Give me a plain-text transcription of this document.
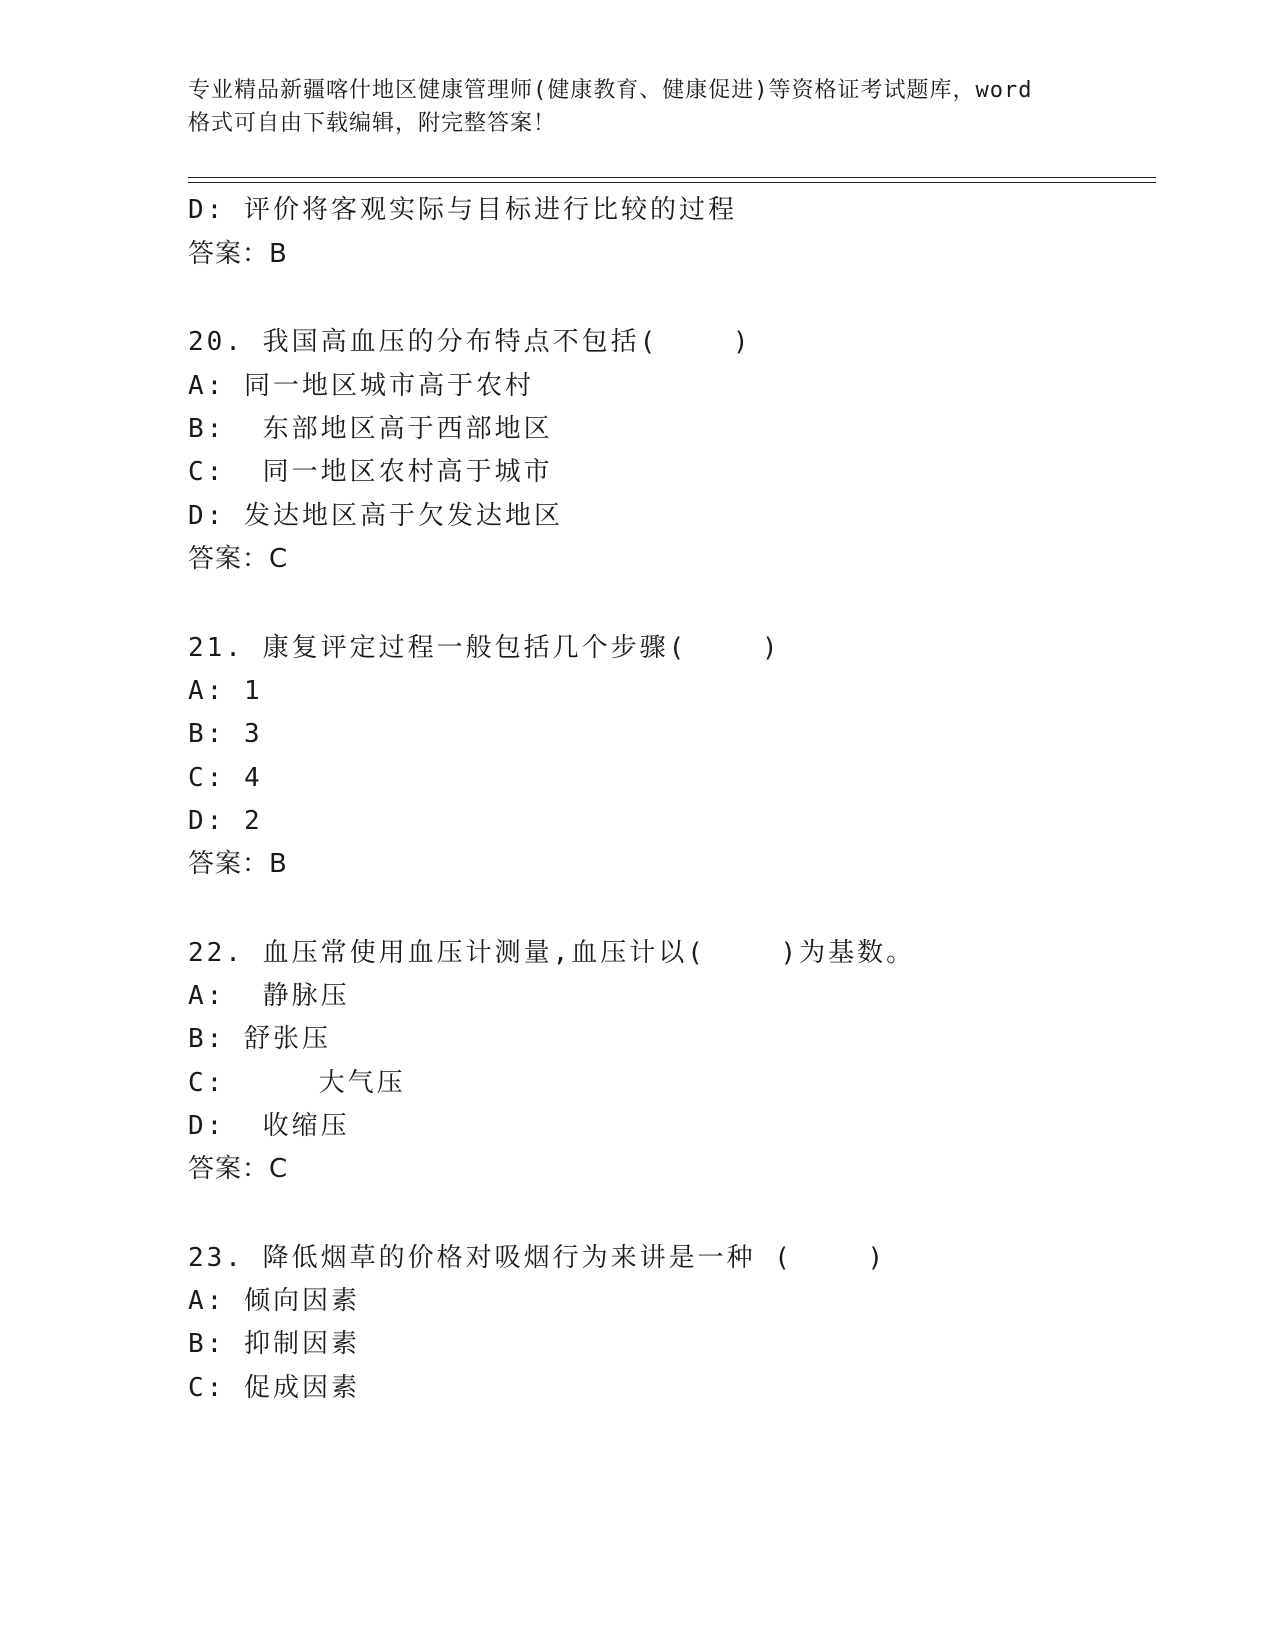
专业精品新疆喀什地区健康管理师(健康教育、健康促进)等资格证考试题库，word
格式可自由下载编辑，附完整答案！
D: 评价将客观实际与目标进行比较的过程
答案：B
20. 我国高血压的分布特点不包括(    )
A: 同一地区城市高于农村
B:  东部地区高于西部地区
C:  同一地区农村高于城市
D: 发达地区高于欠发达地区
答案：C
21. 康复评定过程一般包括几个步骤(    )
A: 1
B: 3
C: 4
D: 2
答案：B
22. 血压常使用血压计测量,血压计以(    )为基数。
A:  静脉压
B: 舒张压
C:     大气压
D:  收缩压
答案：C
23. 降低烟草的价格对吸烟行为来讲是一种 (    )
A: 倾向因素
B: 抑制因素
C: 促成因素
